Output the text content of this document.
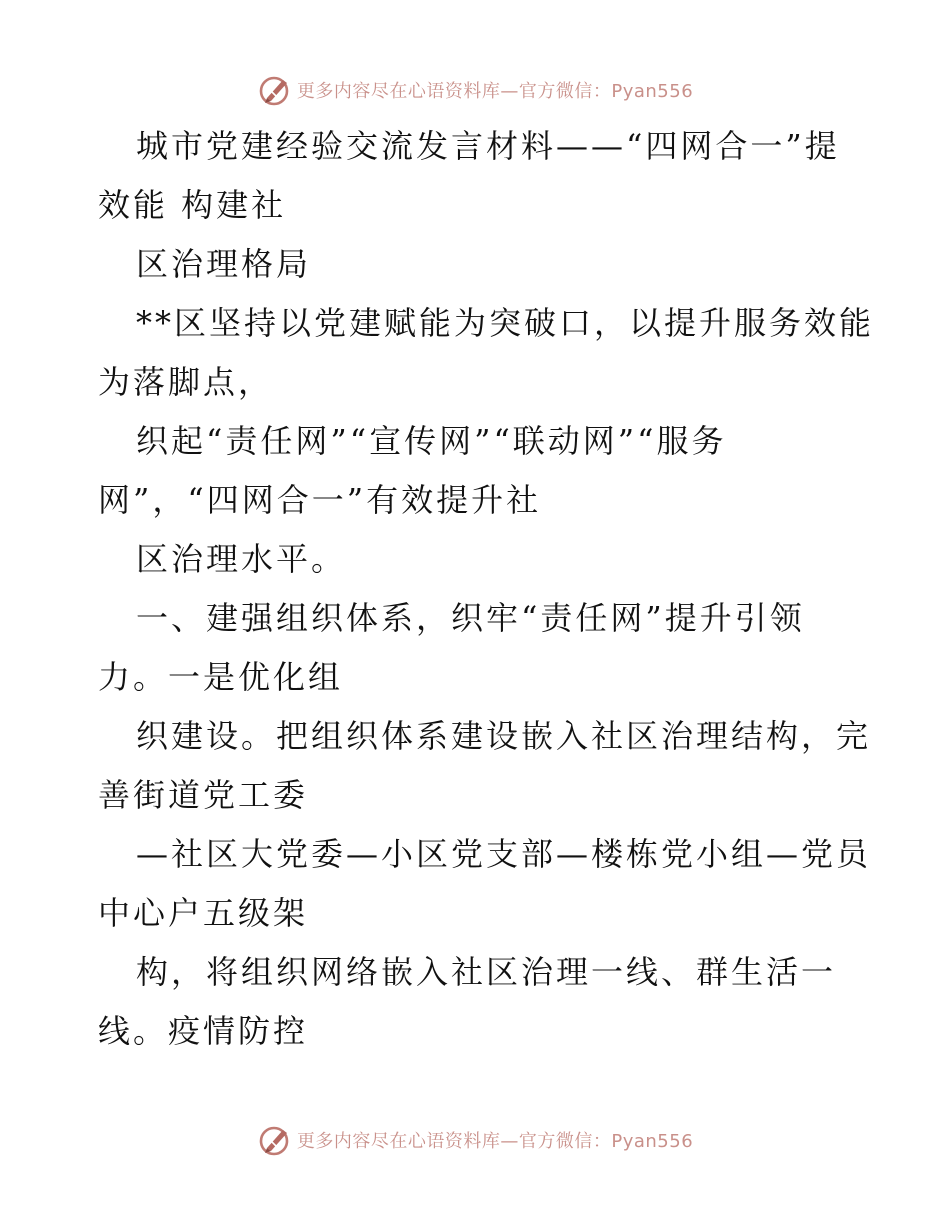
更多内容尽在心语资料库—官方微信：Pyan556
城市党建经验交流发言材料——“四网合一”提
效能 构建社
区治理格局
**区坚持以党建赋能为突破口，以提升服务效能
为落脚点，
织起“责任网”“宣传网”“联动网”“服务
网”，“四网合一”有效提升社
区治理水平。
一、建强组织体系，织牢“责任网”提升引领
力。一是优化组
织建设。把组织体系建设嵌入社区治理结构，完
善街道党工委
—社区大党委—小区党支部—楼栋党小组—党员
中心户五级架
构，将组织网络嵌入社区治理一线、群生活一
线。疫情防控
更多内容尽在心语资料库—官方微信：Pyan556
